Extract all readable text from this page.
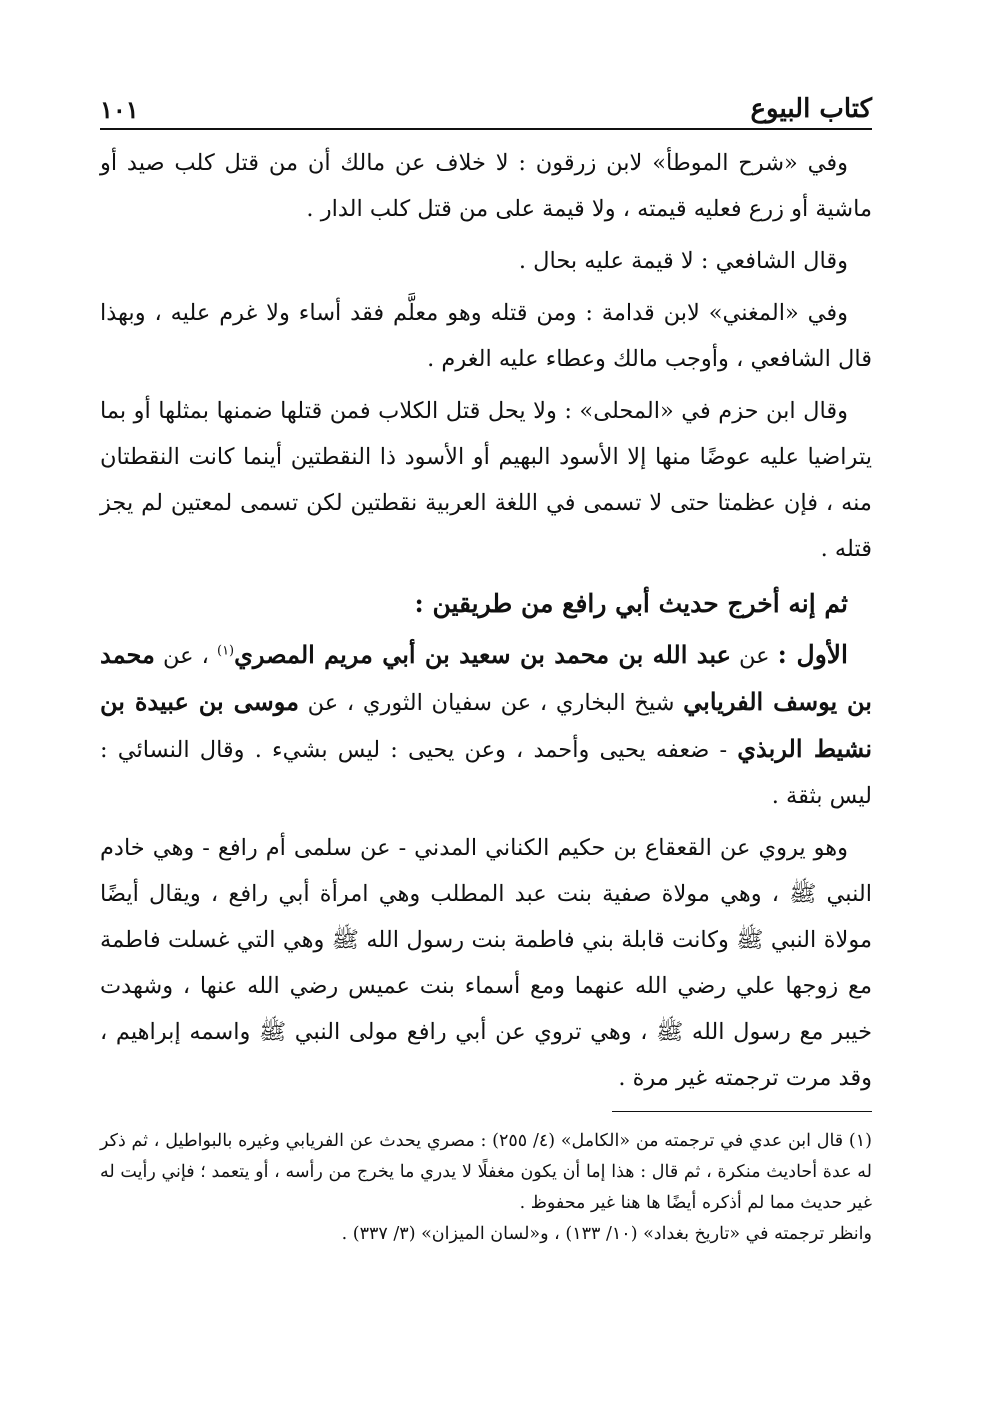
كتاب البيوع
١٠١

وفي «شرح الموطأ» لابن زرقون : لا خلاف عن مالك أن من قتل كلب صيد أو ماشية أو زرع فعليه قيمته ، ولا قيمة على من قتل كلب الدار .

وقال الشافعي : لا قيمة عليه بحال .

وفي «المغني» لابن قدامة : ومن قتله وهو معلَّم فقد أساء ولا غرم عليه ، وبهذا قال الشافعي ، وأوجب مالك وعطاء عليه الغرم .

وقال ابن حزم في «المحلى» : ولا يحل قتل الكلاب فمن قتلها ضمنها بمثلها أو بما يتراضيا عليه عوضًا منها إلا الأسود البهيم أو الأسود ذا النقطتين أينما كانت النقطتان منه ، فإن عظمتا حتى لا تسمى في اللغة العربية نقطتين لكن تسمى لمعتين لم يجز قتله .

ثم إنه أخرج حديث أبي رافع من طريقين :

الأول : عن عبد الله بن محمد بن سعيد بن أبي مريم المصري$^{(١)}$ ، عن محمد بن يوسف الفريابي شيخ البخاري ، عن سفيان الثوري ، عن موسى بن عبيدة بن نشيط الربذي - ضعفه يحيى وأحمد ، وعن يحيى : ليس بشيء . وقال النسائي : ليس بثقة .

وهو يروي عن القعقاع بن حكيم الكناني المدني - عن سلمى أم رافع - وهي خادم النبي ﷺ ، وهي مولاة صفية بنت عبد المطلب وهي امرأة أبي رافع ، ويقال أيضًا مولاة النبي ﷺ وكانت قابلة بني فاطمة بنت رسول الله ﷺ وهي التي غسلت فاطمة مع زوجها علي رضي الله عنهما ومع أسماء بنت عميس رضي الله عنها ، وشهدت خيبر مع رسول الله ﷺ ، وهي تروي عن أبي رافع مولى النبي ﷺ واسمه إبراهيم ، وقد مرت ترجمته غير مرة .

(١) قال ابن عدي في ترجمته من «الكامل» (٤/ ٢٥٥) : مصري يحدث عن الفريابي وغيره بالبواطيل ، ثم ذكر له عدة أحاديث منكرة ، ثم قال : هذا إما أن يكون مغفلًا لا يدري ما يخرج من رأسه ، أو يتعمد ؛ فإني رأيت له غير حديث مما لم أذكره أيضًا ها هنا غير محفوظ .

وانظر ترجمته في «تاريخ بغداد» (١٠/ ١٣٣) ، و«لسان الميزان» (٣/ ٣٣٧) .
